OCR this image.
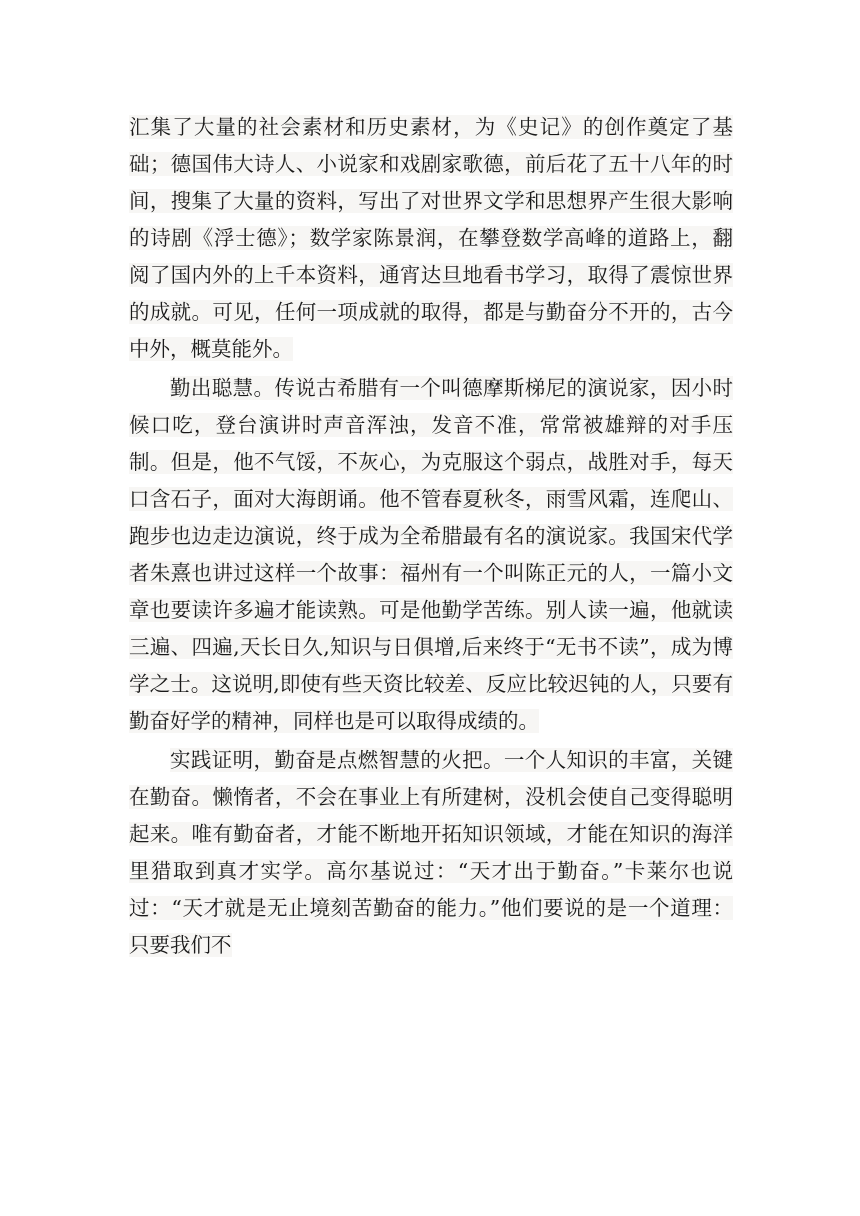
汇集了大量的社会素材和历史素材，为《史记》的创作奠定了基础；德国伟大诗人、小说家和戏剧家歌德，前后花了五十八年的时间，搜集了大量的资料，写出了对世界文学和思想界产生很大影响的诗剧《浮士德》；数学家陈景润，在攀登数学高峰的道路上，翻阅了国内外的上千本资料，通宵达旦地看书学习，取得了震惊世界的成就。可见，任何一项成就的取得，都是与勤奋分不开的，古今中外，概莫能外。

勤出聪慧。传说古希腊有一个叫德摩斯梯尼的演说家，因小时候口吃，登台演讲时声音浑浊，发音不准，常常被雄辩的对手压制。但是，他不气馁，不灰心，为克服这个弱点，战胜对手，每天口含石子，面对大海朗诵。他不管春夏秋冬，雨雪风霜，连爬山、跑步也边走边演说，终于成为全希腊最有名的演说家。我国宋代学者朱熹也讲过这样一个故事：福州有一个叫陈正元的人，一篇小文章也要读许多遍才能读熟。可是他勤学苦练。别人读一遍，他就读三遍、四遍,天长日久,知识与日俱增,后来终于“无书不读”，成为博学之士。这说明,即使有些天资比较差、反应比较迟钝的人，只要有勤奋好学的精神，同样也是可以取得成绩的。

实践证明，勤奋是点燃智慧的火把。一个人知识的丰富，关键在勤奋。懒惰者，不会在事业上有所建树，没机会使自己变得聪明起来。唯有勤奋者，才能不断地开拓知识领域，才能在知识的海洋里猎取到真才实学。高尔基说过：“天才出于勤奋。”卡莱尔也说过：“天才就是无止境刻苦勤奋的能力。”他们要说的是一个道理：只要我们不
